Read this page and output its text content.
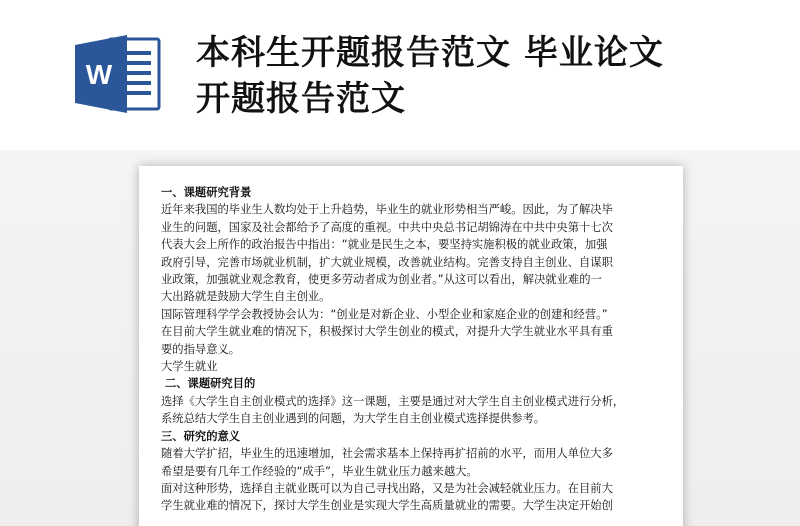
W
本科生开题报告范文 毕业论文
开题报告范文

一、课题研究背景

近年来我国的毕业生人数均处于上升趋势，毕业生的就业形势相当严峻。因此，为了解决毕

业生的问题，国家及社会都给予了高度的重视。中共中央总书记胡锦涛在中共中央第十七次

代表大会上所作的政治报告中指出：“就业是民生之本，要坚持实施积极的就业政策，加强

政府引导，完善市场就业机制，扩大就业规模，改善就业结构。完善支持自主创业、自谋职

业政策，加强就业观念教育，使更多劳动者成为创业者。”从这可以看出，解决就业难的一

大出路就是鼓励大学生自主创业。

国际管理科学学会教授协会认为：“创业是对新企业、小型企业和家庭企业的创建和经营。”

在目前大学生就业难的情况下，积极探讨大学生创业的模式，对提升大学生就业水平具有重

要的指导意义。

大学生就业

二、课题研究目的

选择《大学生自主创业模式的选择》这一课题，主要是通过对大学生自主创业模式进行分析，

系统总结大学生自主创业遇到的问题，为大学生自主创业模式选择提供参考。

三、研究的意义

随着大学扩招，毕业生的迅速增加，社会需求基本上保持再扩招前的水平，而用人单位大多

希望是要有几年工作经验的“成手”，毕业生就业压力越来越大。

面对这种形势，选择自主就业既可以为自己寻找出路，又是为社会减轻就业压力。在目前大

学生就业难的情况下，探讨大学生创业是实现大学生高质量就业的需要。大学生决定开始创
